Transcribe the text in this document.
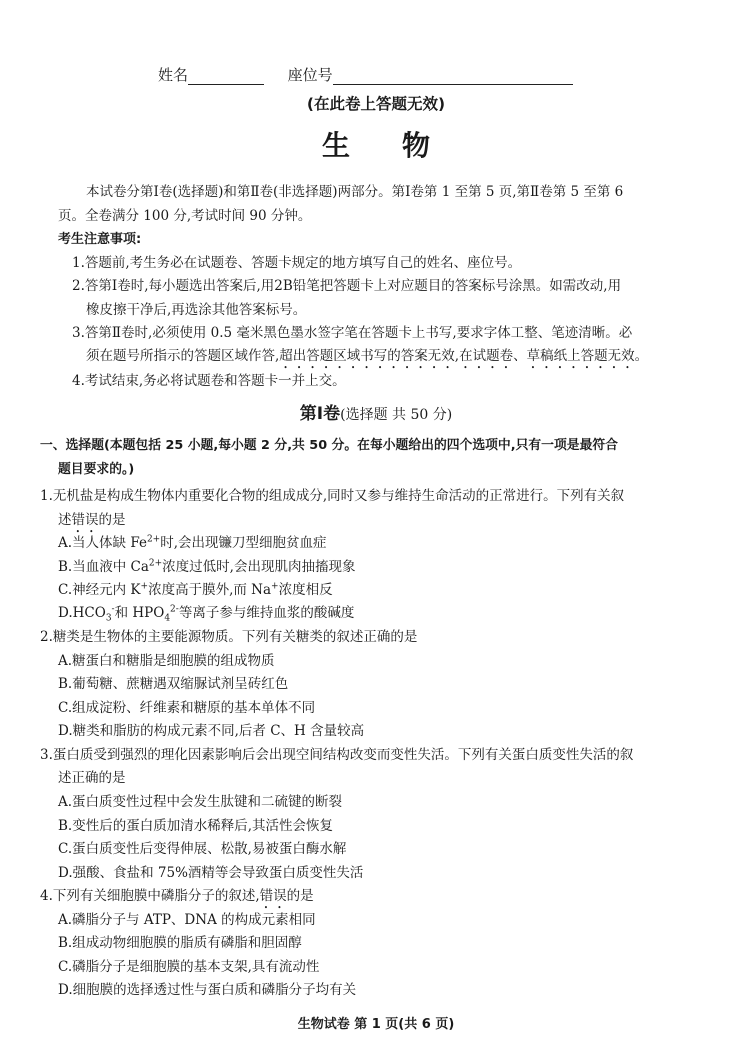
姓名	座位号
(在此卷上答题无效)
生物
本试卷分第Ⅰ卷(选择题)和第Ⅱ卷(非选择题)两部分。第Ⅰ卷第 1 至第 5 页,第Ⅱ卷第 5 至第 6
页。全卷满分 100 分,考试时间 90 分钟。
考生注意事项:
1.答题前,考生务必在试题卷、答题卡规定的地方填写自己的姓名、座位号。
2.答第Ⅰ卷时,每小题选出答案后,用2B铅笔把答题卡上对应题目的答案标号涂黑。如需改动,用
橡皮擦干净后,再选涂其他答案标号。
3.答第Ⅱ卷时,必须使用 0.5 毫米黑色墨水签字笔在答题卡上书写,要求字体工整、笔迹清晰。必
须在题号所指示的答题区域作答,超出答题区域书写的答案无效,在试题卷、草稿纸上答题无效。
4.考试结束,务必将试题卷和答题卡一并上交。
第Ⅰ卷(选择题 共 50 分)
一、选择题(本题包括 25 小题,每小题 2 分,共 50 分。在每小题给出的四个选项中,只有一项是最符合
题目要求的。)
1.无机盐是构成生物体内重要化合物的组成成分,同时又参与维持生命活动的正常进行。下列有关叙
述错误的是
A.当人体缺 $Fe^{2+}$时,会出现镰刀型细胞贫血症
B.当血液中 $Ca^{2+}$浓度过低时,会出现肌肉抽搐现象
C.神经元内 K+浓度高于膜外,而 Na+浓度相反
$D.HCO_3^-$和 $HPO_4^{2-}$等离子参与维持血浆的酸碱度
2.糖类是生物体的主要能源物质。下列有关糖类的叙述正确的是
A.糖蛋白和糖脂是细胞膜的组成物质
B.葡萄糖、蔗糖遇双缩脲试剂呈砖红色
C.组成淀粉、纤维素和糖原的基本单体不同
D.糖类和脂肪的构成元素不同,后者 C、H 含量较高
3.蛋白质受到强烈的理化因素影响后会出现空间结构改变而变性失活。下列有关蛋白质变性失活的叙
述正确的是
A.蛋白质变性过程中会发生肽键和二硫键的断裂
B.变性后的蛋白质加清水稀释后,其活性会恢复
C.蛋白质变性后变得伸展、松散,易被蛋白酶水解
D.强酸、食盐和 75%酒精等会导致蛋白质变性失活
4.下列有关细胞膜中磷脂分子的叙述,错误的是
A.磷脂分子与 ATP、DNA 的构成元素相同
B.组成动物细胞膜的脂质有磷脂和胆固醇
C.磷脂分子是细胞膜的基本支架,具有流动性
D.细胞膜的选择透过性与蛋白质和磷脂分子均有关
生物试卷 第 1 页(共 6 页)
